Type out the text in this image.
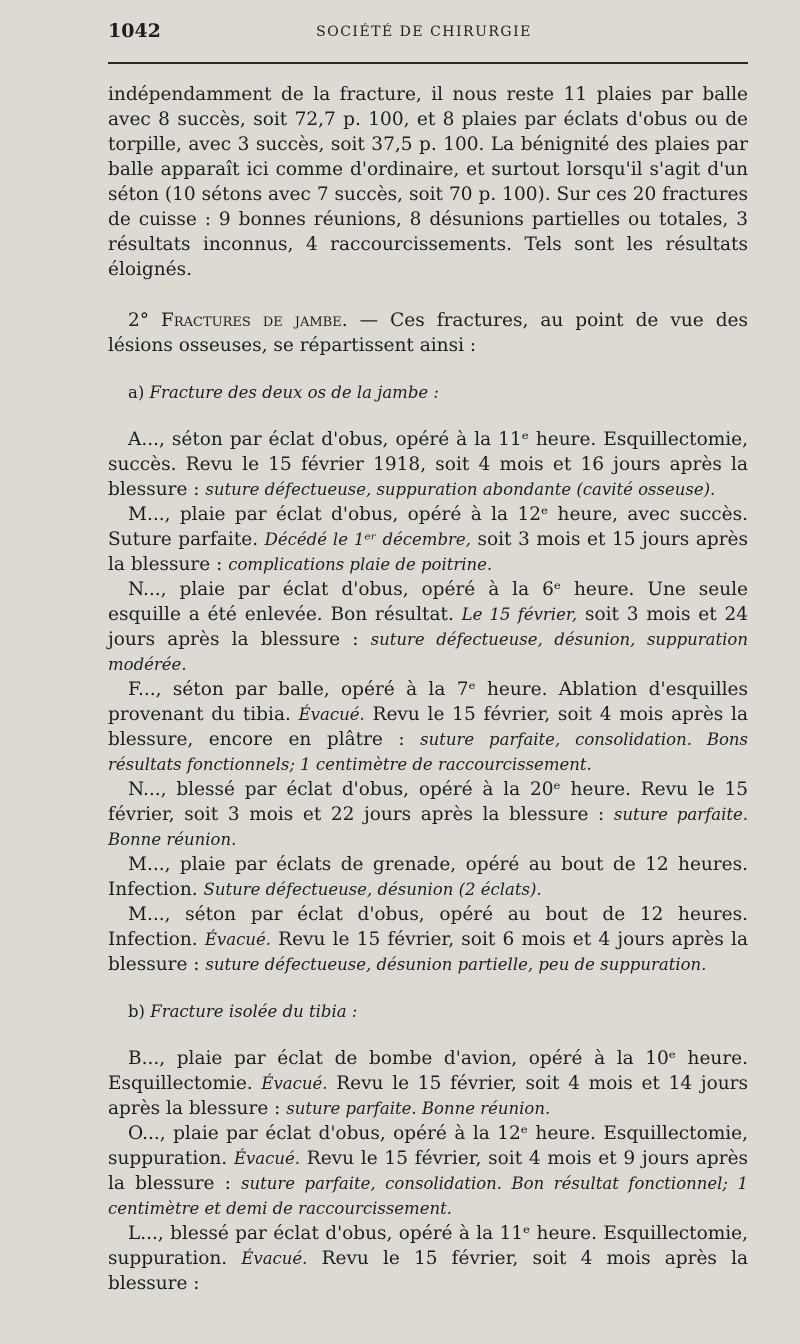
1042	SOCIÉTÉ DE CHIRURGIE

indépendamment de la fracture, il nous reste 11 plaies par balle avec 8 succès, soit 72,7 p. 100, et 8 plaies par éclats d'obus ou de torpille, avec 3 succès, soit 37,5 p. 100. La bénignité des plaies par balle apparaît ici comme d'ordinaire, et surtout lorsqu'il s'agit d'un séton (10 sétons avec 7 succès, soit 70 p. 100). Sur ces 20 fractures de cuisse : 9 bonnes réunions, 8 désunions partielles ou totales, 3 résultats inconnus, 4 raccourcissements. Tels sont les résultats éloignés.

2° Fractures de jambe. — Ces fractures, au point de vue des lésions osseuses, se répartissent ainsi :

a) Fracture des deux os de la jambe :

A..., séton par éclat d'obus, opéré à la 11ᵉ heure. Esquillectomie, succès. Revu le 15 février 1918, soit 4 mois et 16 jours après la blessure : suture défectueuse, suppuration abondante (cavité osseuse).

M..., plaie par éclat d'obus, opéré à la 12ᵉ heure, avec succès. Suture parfaite. Décédé le 1ᵉʳ décembre, soit 3 mois et 15 jours après la blessure : complications plaie de poitrine.

N..., plaie par éclat d'obus, opéré à la 6ᵉ heure. Une seule esquille a été enlevée. Bon résultat. Le 15 février, soit 3 mois et 24 jours après la blessure : suture défectueuse, désunion, suppuration modérée.

F..., séton par balle, opéré à la 7ᵉ heure. Ablation d'esquilles provenant du tibia. Évacué. Revu le 15 février, soit 4 mois après la blessure, encore en plâtre : suture parfaite, consolidation. Bons résultats fonctionnels; 1 centimètre de raccourcissement.

N..., blessé par éclat d'obus, opéré à la 20ᵉ heure. Revu le 15 février, soit 3 mois et 22 jours après la blessure : suture parfaite. Bonne réunion.

M..., plaie par éclats de grenade, opéré au bout de 12 heures. Infection. Suture défectueuse, désunion (2 éclats).

M..., séton par éclat d'obus, opéré au bout de 12 heures. Infection. Évacué. Revu le 15 février, soit 6 mois et 4 jours après la blessure : suture défectueuse, désunion partielle, peu de suppuration.

b) Fracture isolée du tibia :

B..., plaie par éclat de bombe d'avion, opéré à la 10ᵉ heure. Esquillectomie. Évacué. Revu le 15 février, soit 4 mois et 14 jours après la blessure : suture parfaite. Bonne réunion.

O..., plaie par éclat d'obus, opéré à la 12ᵉ heure. Esquillectomie, suppuration. Évacué. Revu le 15 février, soit 4 mois et 9 jours après la blessure : suture parfaite, consolidation. Bon résultat fonctionnel; 1 centimètre et demi de raccourcissement.

L..., blessé par éclat d'obus, opéré à la 11ᵉ heure. Esquillectomie, suppuration. Évacué. Revu le 15 février, soit 4 mois après la blessure :
